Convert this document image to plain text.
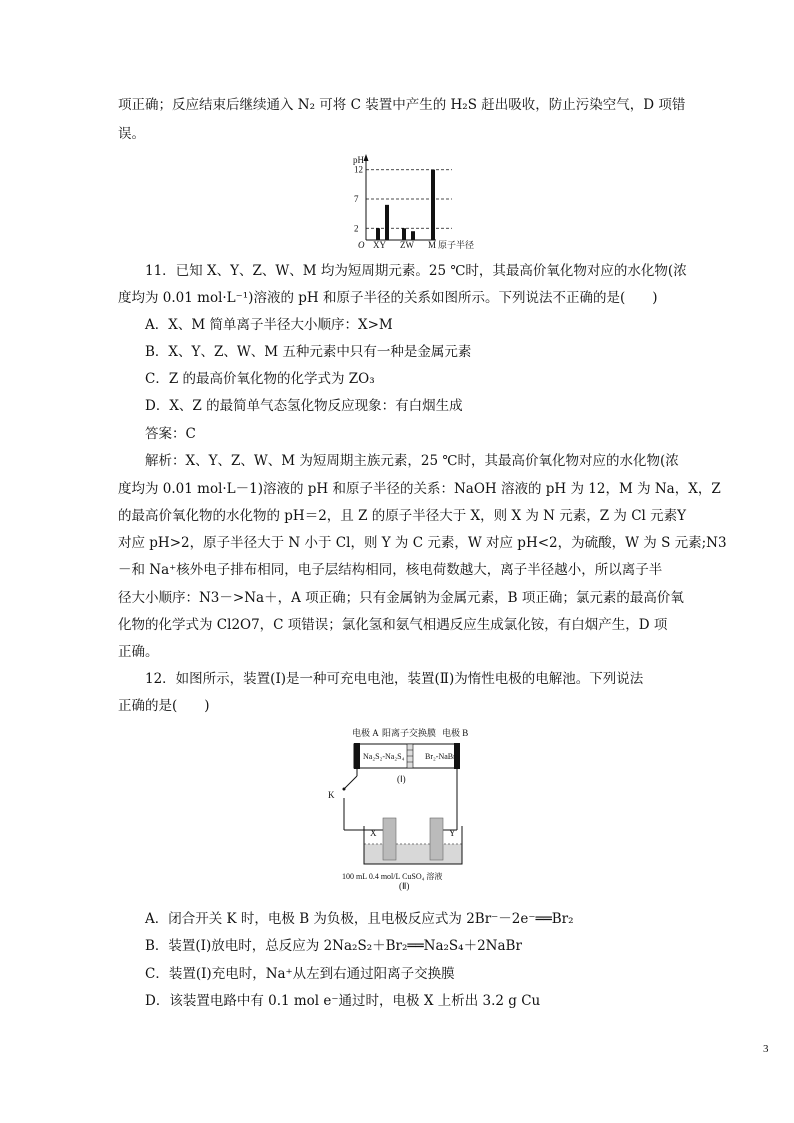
项正确；反应结束后继续通入 N₂ 可将 C 装置中产生的 H₂S 赶出吸收，防止污染空气，D 项错
误。
pH
O
2
7
12
XY ZW M 原子半径
11．已知 X、Y、Z、W、M 均为短周期元素。25 ℃时，其最高价氧化物对应的水化物(浓
度均为 0.01 mol·L⁻¹)溶液的 pH 和原子半径的关系如图所示。下列说法不正确的是(　　)
A．X、M 简单离子半径大小顺序：X>M
B．X、Y、Z、W、M 五种元素中只有一种是金属元素
C．Z 的最高价氧化物的化学式为 ZO₃
D．X、Z 的最简单气态氢化物反应现象：有白烟生成
答案：C
解析：X、Y、Z、W、M 为短周期主族元素，25 ℃时，其最高价氧化物对应的水化物(浓
度均为 0.01 mol·L－1)溶液的 pH 和原子半径的关系：NaOH 溶液的 pH 为 12，M 为 Na，X，Z
的最高价氧化物的水化物的 pH＝2，且 Z 的原子半径大于 X，则 X 为 N 元素，Z 为 Cl 元素Y
对应 pH>2，原子半径大于 N 小于 Cl，则 Y 为 C 元素，W 对应 pH<2，为硫酸，W 为 S 元素;N3
－和 Na⁺核外电子排布相同，电子层结构相同，核电荷数越大，离子半径越小，所以离子半
径大小顺序：N3－>Na＋，A 项正确；只有金属钠为金属元素，B 项正确；氯元素的最高价氧
化物的化学式为 Cl2O7，C 项错误；氯化氢和氨气相遇反应生成氯化铵，有白烟产生，D 项
正确。
12．如图所示，装置(Ⅰ)是一种可充电电池，装置(Ⅱ)为惰性电极的电解池。下列说法
正确的是(　　)
电极 A 阳离子交换膜 电极 B
Na₂S₂-Na₂S₄	Br₂-NaBr
(Ⅰ)
K
X	Y
100 mL 0.4 mol/L CuSO₄ 溶液
(Ⅱ)
A．闭合开关 K 时，电极 B 为负极，且电极反应式为 2Br⁻－2e⁻══Br₂
B．装置(Ⅰ)放电时，总反应为 2Na₂S₂＋Br₂══Na₂S₄＋2NaBr
C．装置(Ⅰ)充电时，Na⁺从左到右通过阳离子交换膜
D．该装置电路中有 0.1 mol e⁻通过时，电极 X 上析出 3.2 g Cu
3
